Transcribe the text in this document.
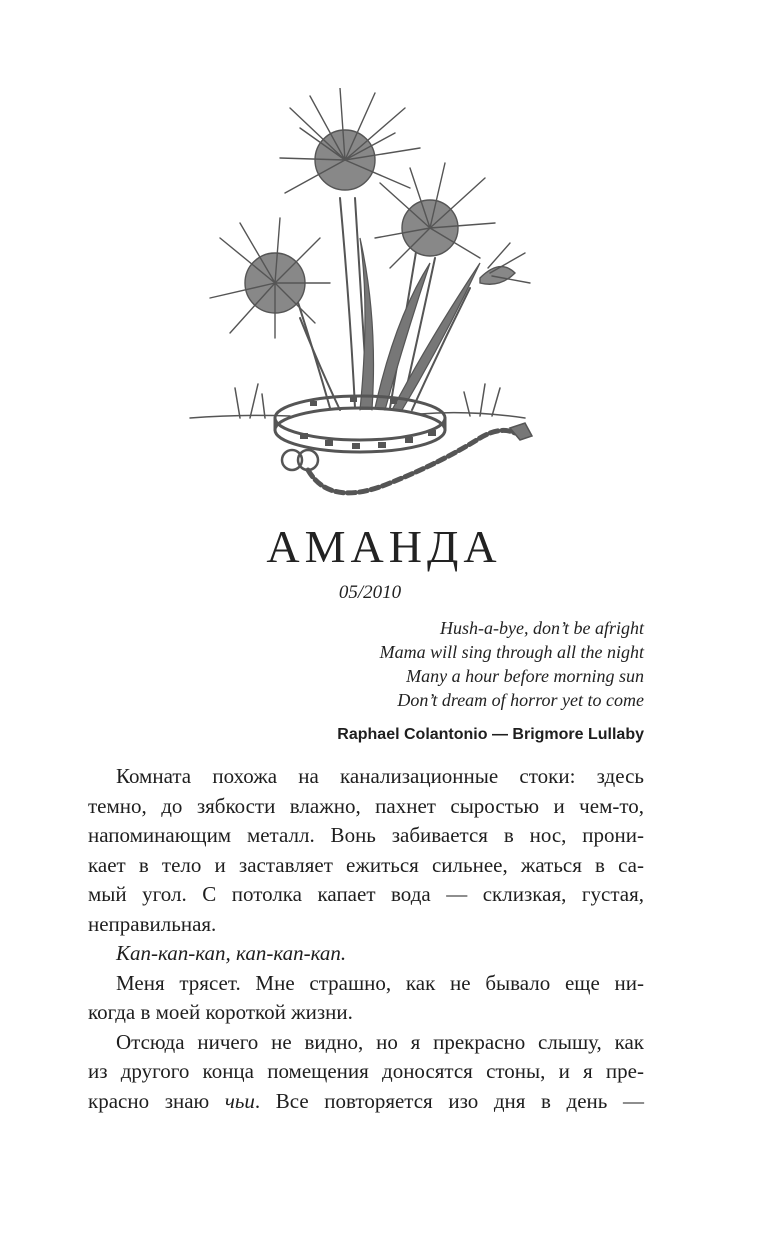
АМАНДА
05/2010
Hush-a-bye, don’t be afright
Mama will sing through all the night
Many a hour before morning sun
Don’t dream of horror yet to come
Raphael Colantonio — Brigmore Lullaby
Комната похожа на канализационные стоки: здесь
темно, до зябкости влажно, пахнет сыростью и чем-то,
напоминающим металл. Вонь забивается в нос, прони-
кает в тело и заставляет ежиться сильнее, жаться в са-
мый угол. С потолка капает вода — склизкая, густая,
неправильная.
Кап-кап-кап, кап-кап-кап.
Меня трясет. Мне страшно, как не бывало еще ни-
когда в моей короткой жизни.
Отсюда ничего не видно, но я прекрасно слышу, как
из другого конца помещения доносятся стоны, и я пре-
красно знаю чьи. Все повторяется изо дня в день —
